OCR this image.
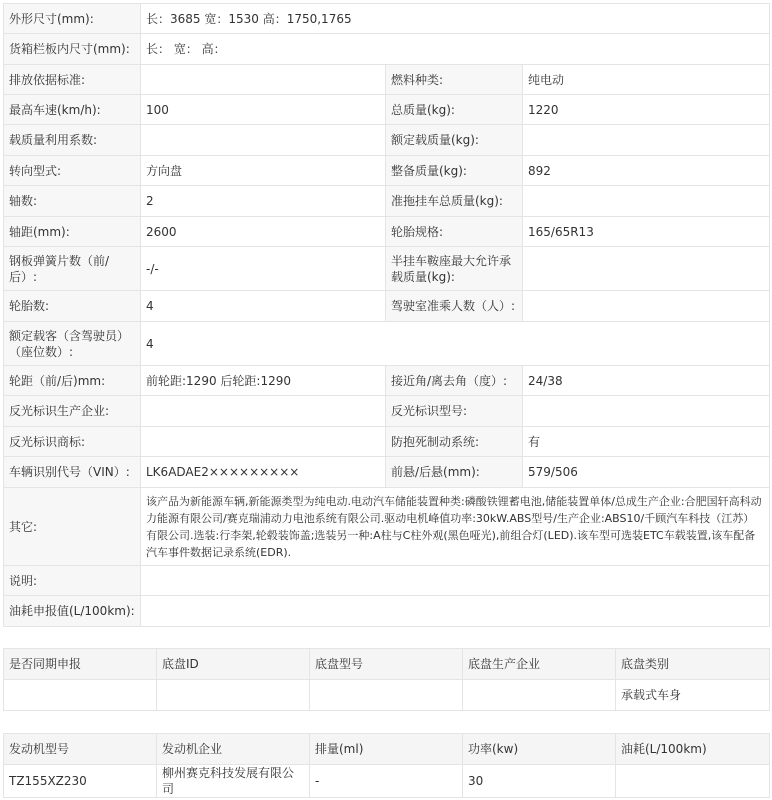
外形尺寸(mm):	长：3685 宽：1530 高：1750,1765		
货箱栏板内尺寸(mm):	长： 宽： 高：		
排放依据标准:		燃料种类:	纯电动
最高车速(km/h):	100	总质量(kg):	1220
载质量利用系数:		额定载质量(kg):	
转向型式:	方向盘	整备质量(kg):	892
轴数:	2	准拖挂车总质量(kg):	
轴距(mm):	2600	轮胎规格:	165/65R13
钢板弹簧片数（前/后）:	-/-	半挂车鞍座最大允许承载质量(kg):	
轮胎数:	4	驾驶室准乘人数（人）:	
额定载客（含驾驶员）（座位数）:	4		
轮距（前/后)mm:	前轮距:1290 后轮距:1290	接近角/离去角（度）:	24/38
反光标识生产企业:		反光标识型号:	
反光标识商标:		防抱死制动系统:	有
车辆识别代号（VIN）:	LK6ADAE2×××××××××	前悬/后悬(mm):	579/506
其它:	该产品为新能源车辆,新能源类型为纯电动.电动汽车储能装置种类:磷酸铁锂蓄电池,储能装置单体/总成生产企业:合肥国轩高科动力能源有限公司/赛克瑞浦动力电池系统有限公司.驱动电机峰值功率:30kW.ABS型号/生产企业:ABS10/千顾汽车科技（江苏）有限公司.选装:行李架,轮毂装饰盖;选装另一种:A柱与C柱外观(黑色哑光),前组合灯(LED).该车型可选装ETC车载装置,该车配备汽车事件数据记录系统(EDR).		
说明:			
油耗申报值(L/100km):			
是否同期申报	底盘ID	底盘型号	底盘生产企业	底盘类别
				承载式车身
发动机型号	发动机企业	排量(ml)	功率(kw)	油耗(L/100km)
TZ155XZ230	柳州赛克科技发展有限公司	-	30	
